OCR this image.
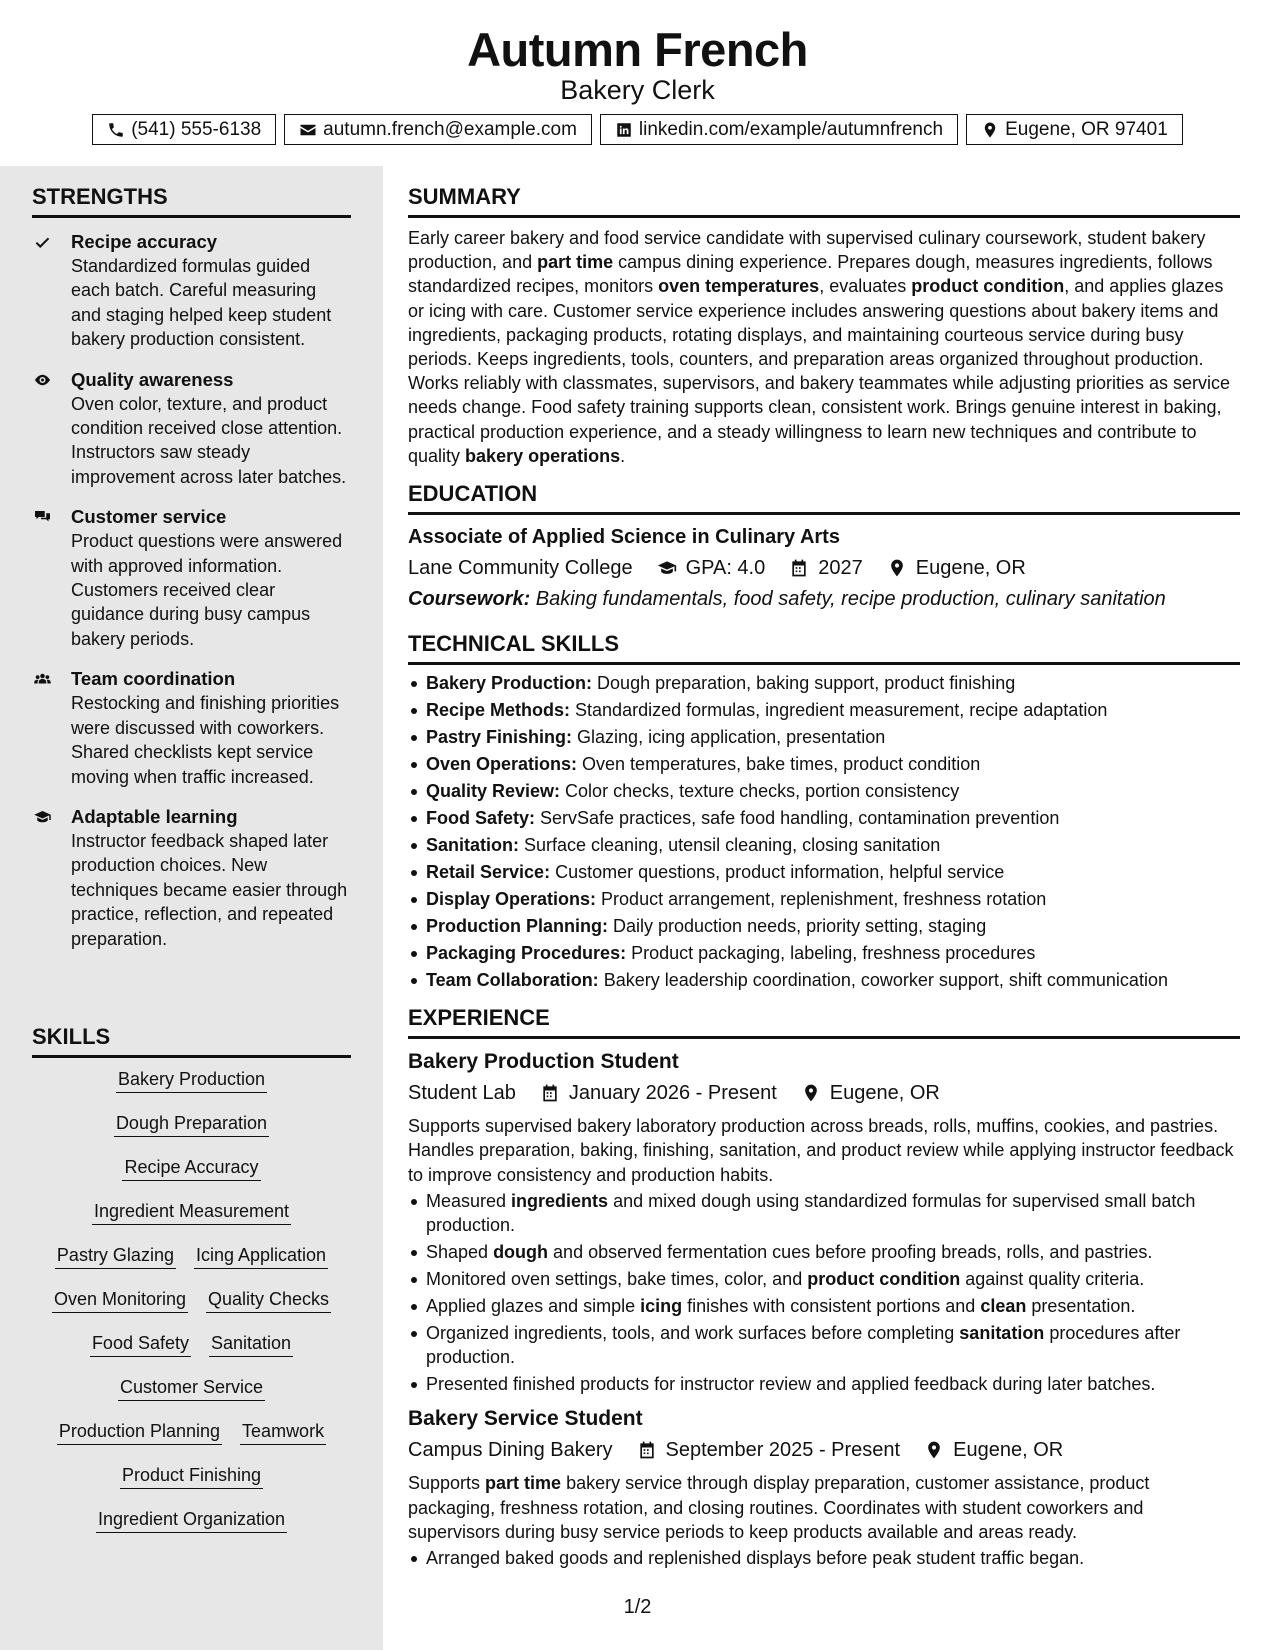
Autumn French
Bakery Clerk
(541) 555-6138	autumn.french@example.com	linkedin.com/example/autumnfrench	Eugene, OR 97401
STRENGTHS
Recipe accuracy
Standardized formulas guided each batch. Careful measuring and staging helped keep student bakery production consistent.
Quality awareness
Oven color, texture, and product condition received close attention. Instructors saw steady improvement across later batches.
Customer service
Product questions were answered with approved information. Customers received clear guidance during busy campus bakery periods.
Team coordination
Restocking and finishing priorities were discussed with coworkers. Shared checklists kept service moving when traffic increased.
Adaptable learning
Instructor feedback shaped later production choices. New techniques became easier through practice, reflection, and repeated preparation.
SKILLS
Bakery Production
Dough Preparation
Recipe Accuracy
Ingredient Measurement
Pastry Glazing Icing Application
Oven Monitoring Quality Checks
Food Safety Sanitation
Customer Service
Production Planning Teamwork
Product Finishing
Ingredient Organization
SUMMARY
Early career bakery and food service candidate with supervised culinary coursework, student bakery production, and part time campus dining experience. Prepares dough, measures ingredients, follows standardized recipes, monitors oven temperatures, evaluates product condition, and applies glazes or icing with care. Customer service experience includes answering questions about bakery items and ingredients, packaging products, rotating displays, and maintaining courteous service during busy periods. Keeps ingredients, tools, counters, and preparation areas organized throughout production. Works reliably with classmates, supervisors, and bakery teammates while adjusting priorities as service needs change. Food safety training supports clean, consistent work. Brings genuine interest in baking, practical production experience, and a steady willingness to learn new techniques and contribute to quality bakery operations.
EDUCATION
Associate of Applied Science in Culinary Arts
Lane Community College	GPA: 4.0	2027	Eugene, OR
Coursework: Baking fundamentals, food safety, recipe production, culinary sanitation
TECHNICAL SKILLS
Bakery Production: Dough preparation, baking support, product finishing
Recipe Methods: Standardized formulas, ingredient measurement, recipe adaptation
Pastry Finishing: Glazing, icing application, presentation
Oven Operations: Oven temperatures, bake times, product condition
Quality Review: Color checks, texture checks, portion consistency
Food Safety: ServSafe practices, safe food handling, contamination prevention
Sanitation: Surface cleaning, utensil cleaning, closing sanitation
Retail Service: Customer questions, product information, helpful service
Display Operations: Product arrangement, replenishment, freshness rotation
Production Planning: Daily production needs, priority setting, staging
Packaging Procedures: Product packaging, labeling, freshness procedures
Team Collaboration: Bakery leadership coordination, coworker support, shift communication
EXPERIENCE
Bakery Production Student
Student Lab	January 2026 - Present	Eugene, OR
Supports supervised bakery laboratory production across breads, rolls, muffins, cookies, and pastries. Handles preparation, baking, finishing, sanitation, and product review while applying instructor feedback to improve consistency and production habits.
Measured ingredients and mixed dough using standardized formulas for supervised small batch production.
Shaped dough and observed fermentation cues before proofing breads, rolls, and pastries.
Monitored oven settings, bake times, color, and product condition against quality criteria.
Applied glazes and simple icing finishes with consistent portions and clean presentation.
Organized ingredients, tools, and work surfaces before completing sanitation procedures after production.
Presented finished products for instructor review and applied feedback during later batches.
Bakery Service Student
Campus Dining Bakery	September 2025 - Present	Eugene, OR
Supports part time bakery service through display preparation, customer assistance, product packaging, freshness rotation, and closing routines. Coordinates with student coworkers and supervisors during busy service periods to keep products available and areas ready.
Arranged baked goods and replenished displays before peak student traffic began.
1/2
